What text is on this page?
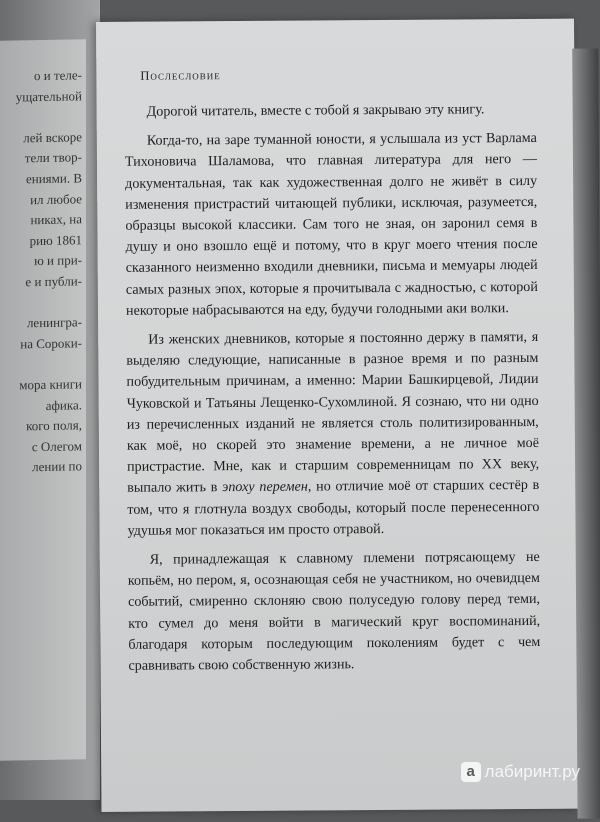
о и теле-
ущательной
лей вскоре
тели твор-
ениями. В
ил любое
никах, на
рию 1861
ю и при-
е и публи-
ленингра-
на Сороки-
мора книги
афика.
кого поля,
с Олегом
лении по
Послесловие

Дорогой читатель, вместе с тобой я закрываю эту книгу.

Когда-то, на заре туманной юности, я услышала из уст Варлама Тихоновича Шаламова, что главная литература для него — документальная, так как художественная долго не живёт в силу изменения пристрастий читающей публики, исключая, разумеется, образцы высокой классики. Сам того не зная, он заронил семя в душу и оно взошло ещё и потому, что в круг моего чтения после сказанного неизменно входили дневники, письма и мемуары людей самых разных эпох, которые я прочитывала с жадностью, с которой некоторые набрасываются на еду, будучи голодными аки волки.

Из женских дневников, которые я постоянно держу в памяти, я выделяю следующие, написанные в разное время и по разным побудительным причинам, а именно: Марии Башкирцевой, Лидии Чуковской и Татьяны Лещенко-Сухомлиной. Я сознаю, что ни одно из перечисленных изданий не является столь политизированным, как моё, но скорей это знамение времени, а не личное моё пристрастие. Мне, как и старшим современницам по XX веку, выпало жить в эпоху перемен, но отличие моё от старших сестёр в том, что я глотнула воздух свободы, который после перенесенного удушья мог показаться им просто отравой.

Я, принадлежащая к славному племени потрясающему не копьём, но пером, я, осознающая себя не участником, но очевидцем событий, смиренно склоняю свою полуседую голову перед теми, кто сумел до меня войти в магический круг воспоминаний, благодаря которым последующим поколениям будет с чем сравнивать свою собственную жизнь.

а лабиринт.ру
